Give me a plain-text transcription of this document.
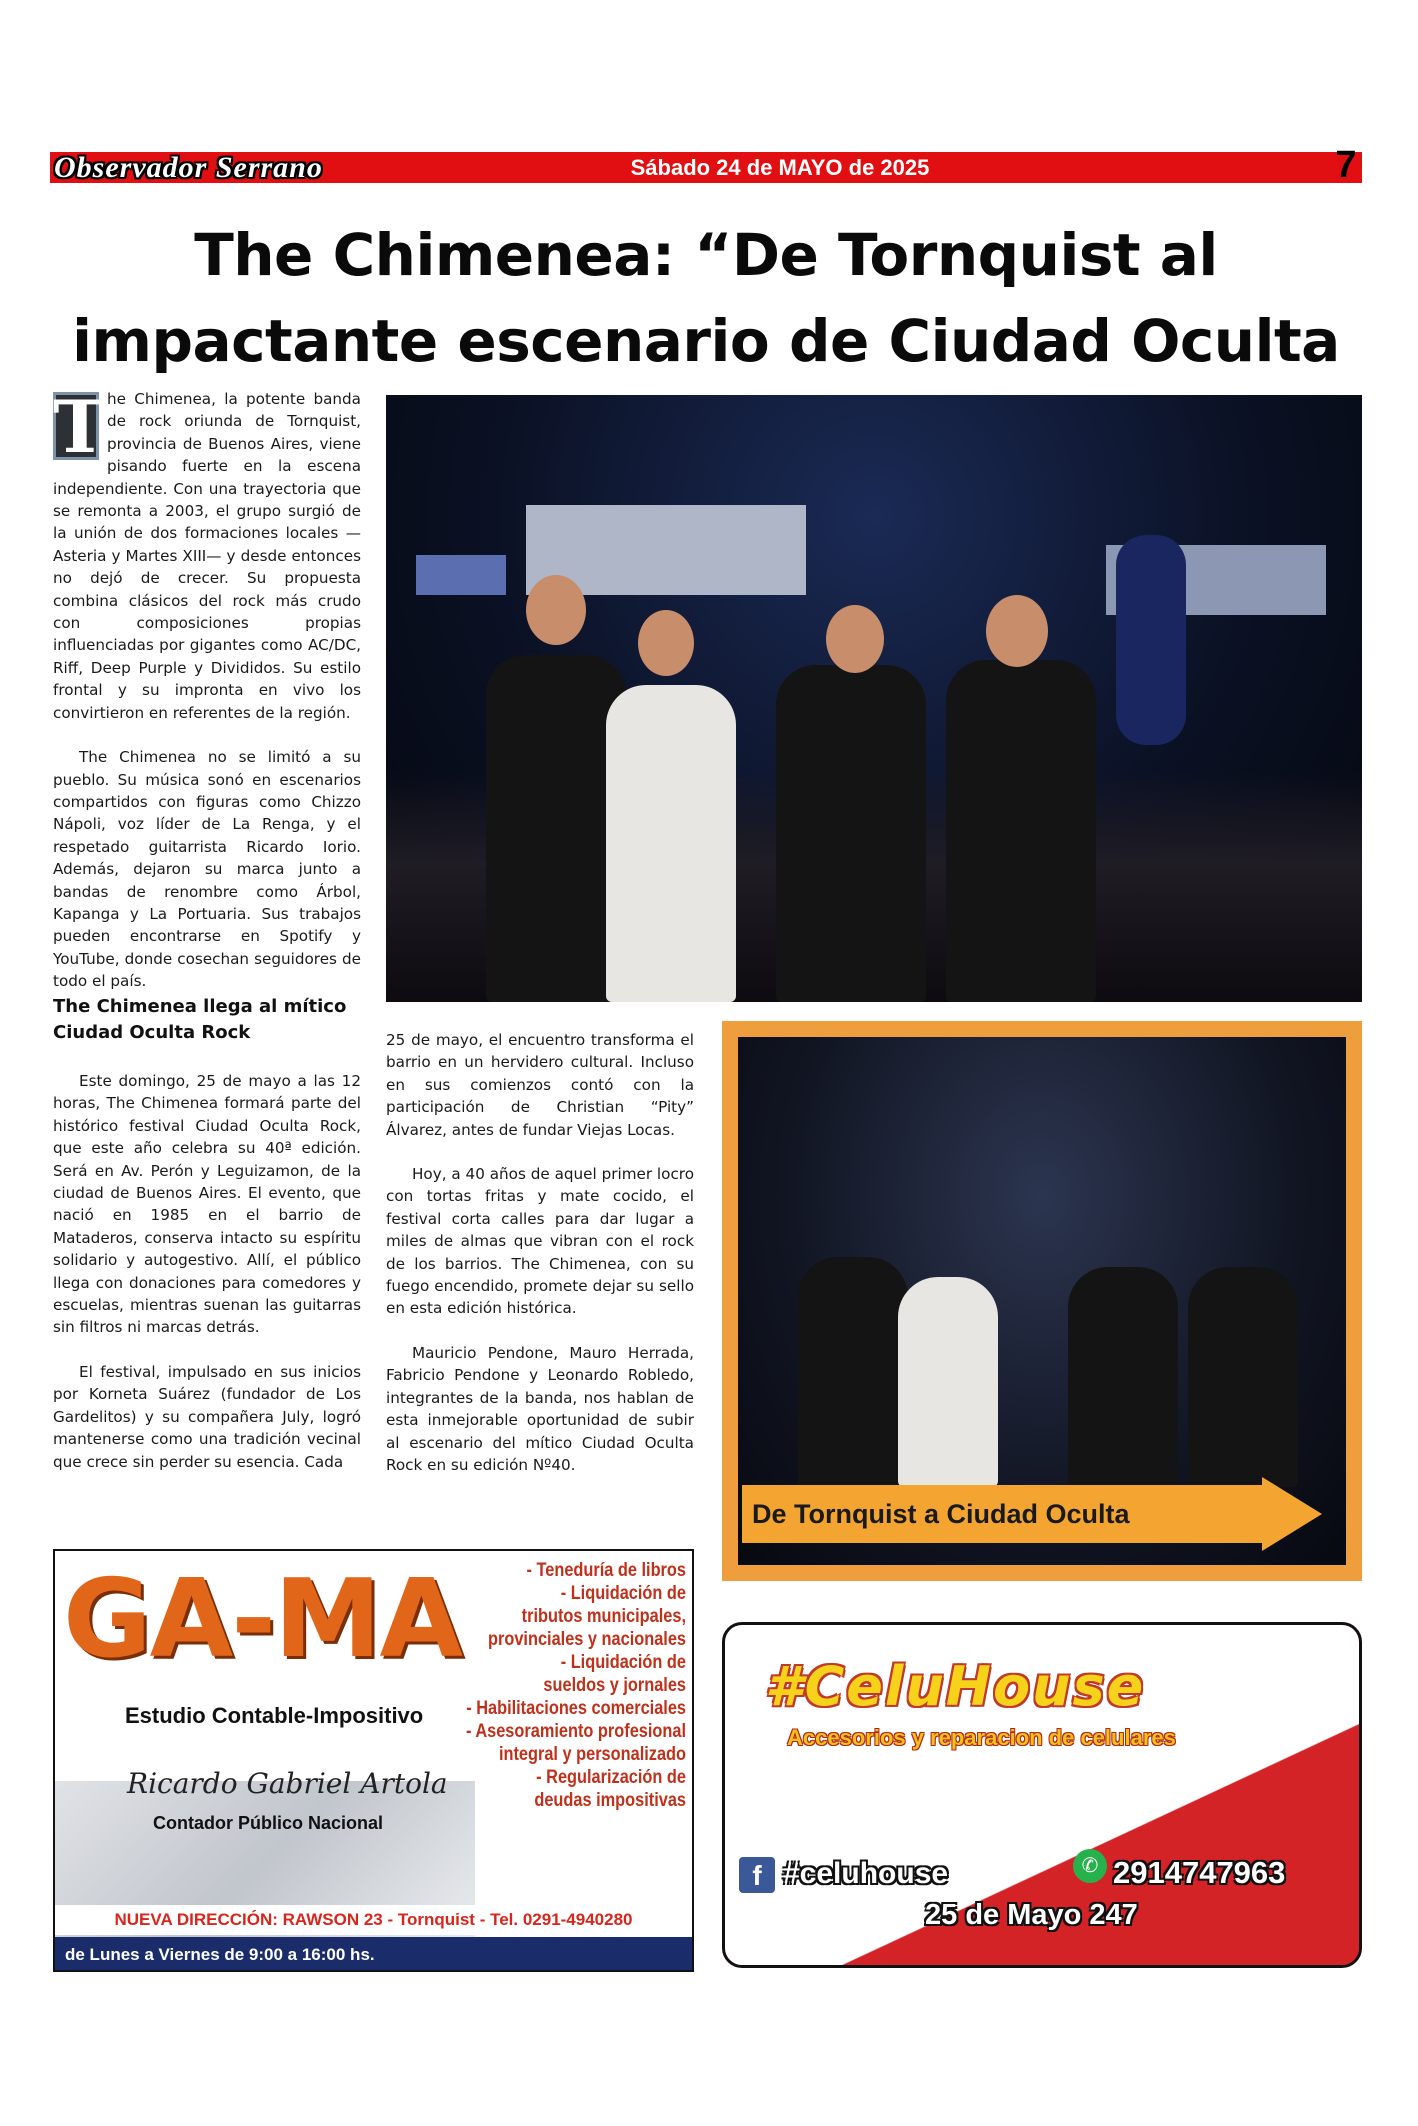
Observador Serrano	Sábado 24 de MAYO de 2025	7
The Chimenea: “De Tornquist al impactante escenario de Ciudad Oculta

T he Chimenea, la potente banda de rock oriunda de Tornquist, provincia de Buenos Aires, viene pisando fuerte en la escena independiente. Con una trayectoria que se remonta a 2003, el grupo surgió de la unión de dos formaciones locales —Asteria y Martes XIII— y desde entonces no dejó de crecer. Su propuesta combina clásicos del rock más crudo con composiciones propias influenciadas por gigantes como AC/DC, Riff, Deep Purple y Divididos. Su estilo frontal y su impronta en vivo los convirtieron en referentes de la región.

The Chimenea no se limitó a su pueblo. Su música sonó en escenarios compartidos con figuras como Chizzo Nápoli, voz líder de La Renga, y el respetado guitarrista Ricardo Iorio. Además, dejaron su marca junto a bandas de renombre como Árbol, Kapanga y La Portuaria. Sus trabajos pueden encontrarse en Spotify y YouTube, donde cosechan seguidores de todo el país.

The Chimenea llega al mítico Ciudad Oculta Rock

Este domingo, 25 de mayo a las 12 horas, The Chimenea formará parte del histórico festival Ciudad Oculta Rock, que este año celebra su 40ª edición. Será en Av. Perón y Leguizamon, de la ciudad de Buenos Aires. El evento, que nació en 1985 en el barrio de Mataderos, conserva intacto su espíritu solidario y autogestivo. Allí, el público llega con donaciones para comedores y escuelas, mientras suenan las guitarras sin filtros ni marcas detrás.

El festival, impulsado en sus inicios por Korneta Suárez (fundador de Los Gardelitos) y su compañera July, logró mantenerse como una tradición vecinal que crece sin perder su esencia. Cada

25 de mayo, el encuentro transforma el barrio en un hervidero cultural. Incluso en sus comienzos contó con la participación de Christian “Pity” Álvarez, antes de fundar Viejas Locas.

Hoy, a 40 años de aquel primer locro con tortas fritas y mate cocido, el festival corta calles para dar lugar a miles de almas que vibran con el rock de los barrios. The Chimenea, con su fuego encendido, promete dejar su sello en esta edición histórica.

Mauricio Pendone, Mauro Herrada, Fabricio Pendone y Leonardo Robledo, integrantes de la banda, nos hablan de esta inmejorable oportunidad de subir al escenario del mítico Ciudad Oculta Rock en su edición Nº40.

De Tornquist a Ciudad Oculta
GA-MA
Estudio Contable-Impositivo
Ricardo Gabriel Artola
Contador Público Nacional
- Teneduría de libros
- Liquidación de
tributos municipales,
provinciales y nacionales
- Liquidación de
sueldos y jornales
- Habilitaciones comerciales
- Asesoramiento profesional
integral y personalizado
- Regularización de
deudas impositivas
NUEVA DIRECCIÓN: RAWSON 23 - Tornquist - Tel. 0291-4940280
de Lunes a Viernes de 9:00 a 16:00 hs.
#CeluHouse
Accesorios y reparacion de celulares
f #celuhouse	✆ 2914747963
25 de Mayo 247
